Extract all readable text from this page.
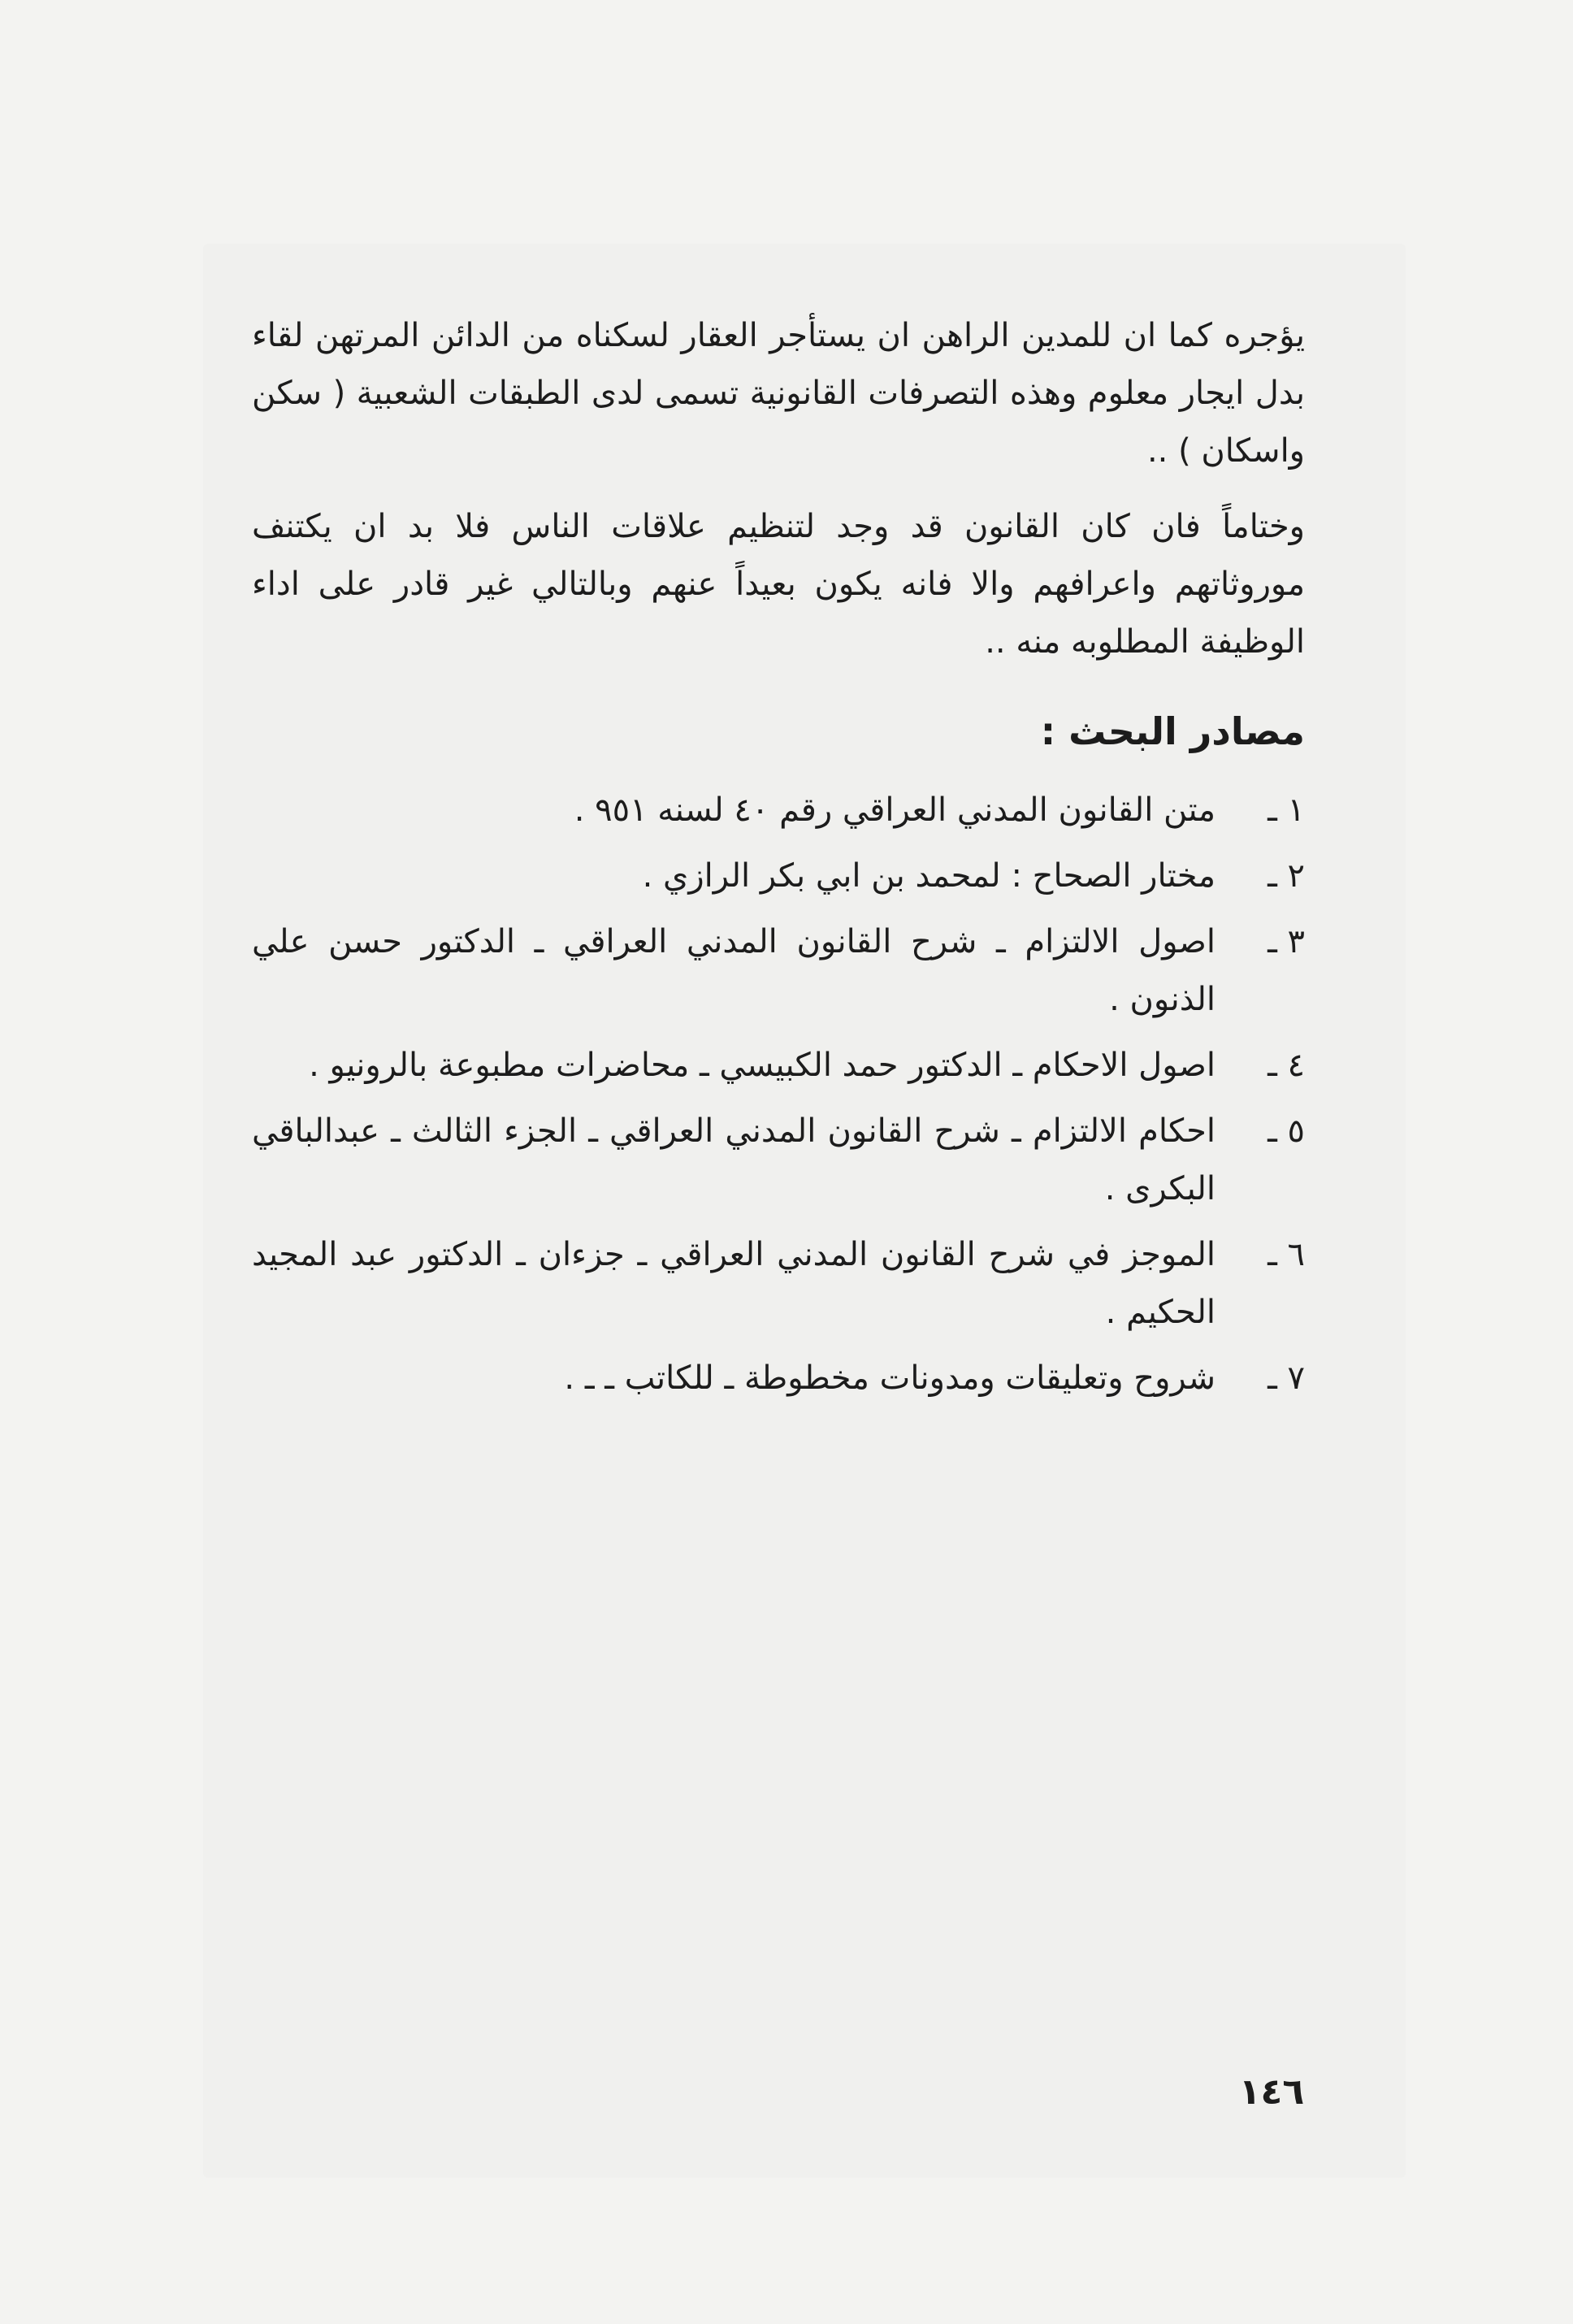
يؤجره كما ان للمدين الراهن ان يستأجر العقار لسكناه من الدائن المرتهن لقاء بدل ايجار معلوم وهذه التصرفات القانونية تسمى لدى الطبقات الشعبية ( سكن واسكان ) ..

وختاماً فان كان القانون قد وجد لتنظيم علاقات الناس فلا بد ان يكتنف موروثاتهم واعرافهم والا فانه يكون بعيداً عنهم وبالتالي غير قادر على اداء الوظيفة المطلوبه منه ..

مصادر البحث :
١ ـ
متن القانون المدني العراقي رقم ٤٠ لسنه ٩٥١ .
٢ ـ
مختار الصحاح : لمحمد بن ابي بكر الرازي .
٣ ـ
اصول الالتزام ـ شرح القانون المدني العراقي ـ الدكتور حسن علي الذنون .
٤ ـ
اصول الاحكام ـ الدكتور حمد الكبيسي ـ محاضرات مطبوعة بالرونيو .
٥ ـ
احكام الالتزام ـ شرح القانون المدني العراقي ـ الجزء الثالث ـ عبدالباقي البكرى .
٦ ـ
الموجز في شرح القانون المدني العراقي ـ جزءان ـ الدكتور عبد المجيد الحكيم .
٧ ـ
شروح وتعليقات ومدونات مخطوطة ـ للكاتب ـ ـ .
١٤٦
